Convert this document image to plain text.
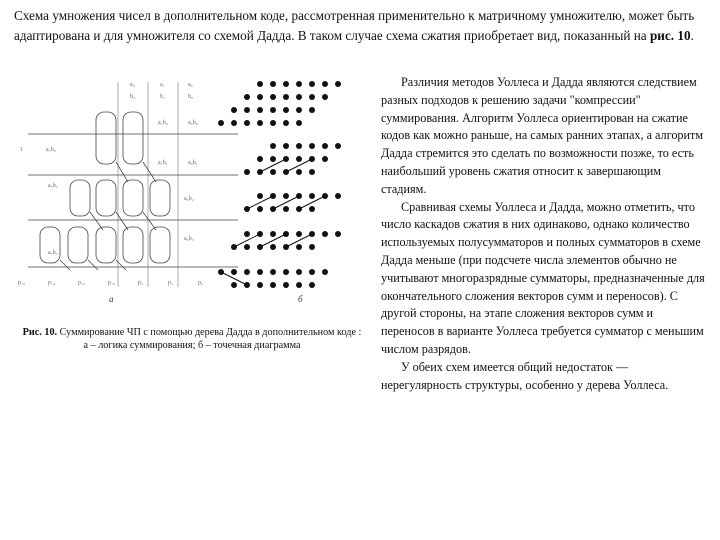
Схема умножения чисел в дополнительном коде, рассмотренная применительно к матричному умножителю, может быть адаптирована и для умножителя со схемой Дадда. В таком случае схема сжатия приобретает вид, показанный на рис. 10.

a₂	a₁	a₀
b₂	b₁	b₀
1	a₇b₀
a₁b₀	a₀b₀
a₁b₁	a₀b₁
a₀b₂
a₀b₃
a₇b₁
a₇b₇
p₁₅	p₁₄	p₁₃	p₁₂	p₂	p₁	p₀
а	б

Рис. 10. Суммирование ЧП с помощью дерева Дадда в дополнительном коде : а – логика суммирования; б – точечная диаграмма

Различия методов Уоллеса и Дадда являются следствием разных подходов к решению задачи "компрессии" суммирования. Алгоритм Уоллеса ориентирован на сжатие кодов как можно раньше, на самых ранних этапах, а алгоритм Дадда стремится это сделать по возможности позже, то есть наибольший уровень сжатия относит к завершающим стадиям.

Сравнивая схемы Уоллеса и Дадда, можно отметить, что число каскадов сжатия в них одинаково, однако количество используемых полусумматоров и полных сумматоров в схеме Дадда меньше (при подсчете числа элементов обычно не учитывают многоразрядные сумматоры, предназначенные для окончательного сложения векторов сумм и переносов). С другой стороны, на этапе сложения векторов сумм и переносов в варианте Уоллеса требуется сумматор с меньшим числом разрядов.

У обеих схем имеется общий недостаток — нерегулярность структуры, особенно у дерева Уоллеса.
